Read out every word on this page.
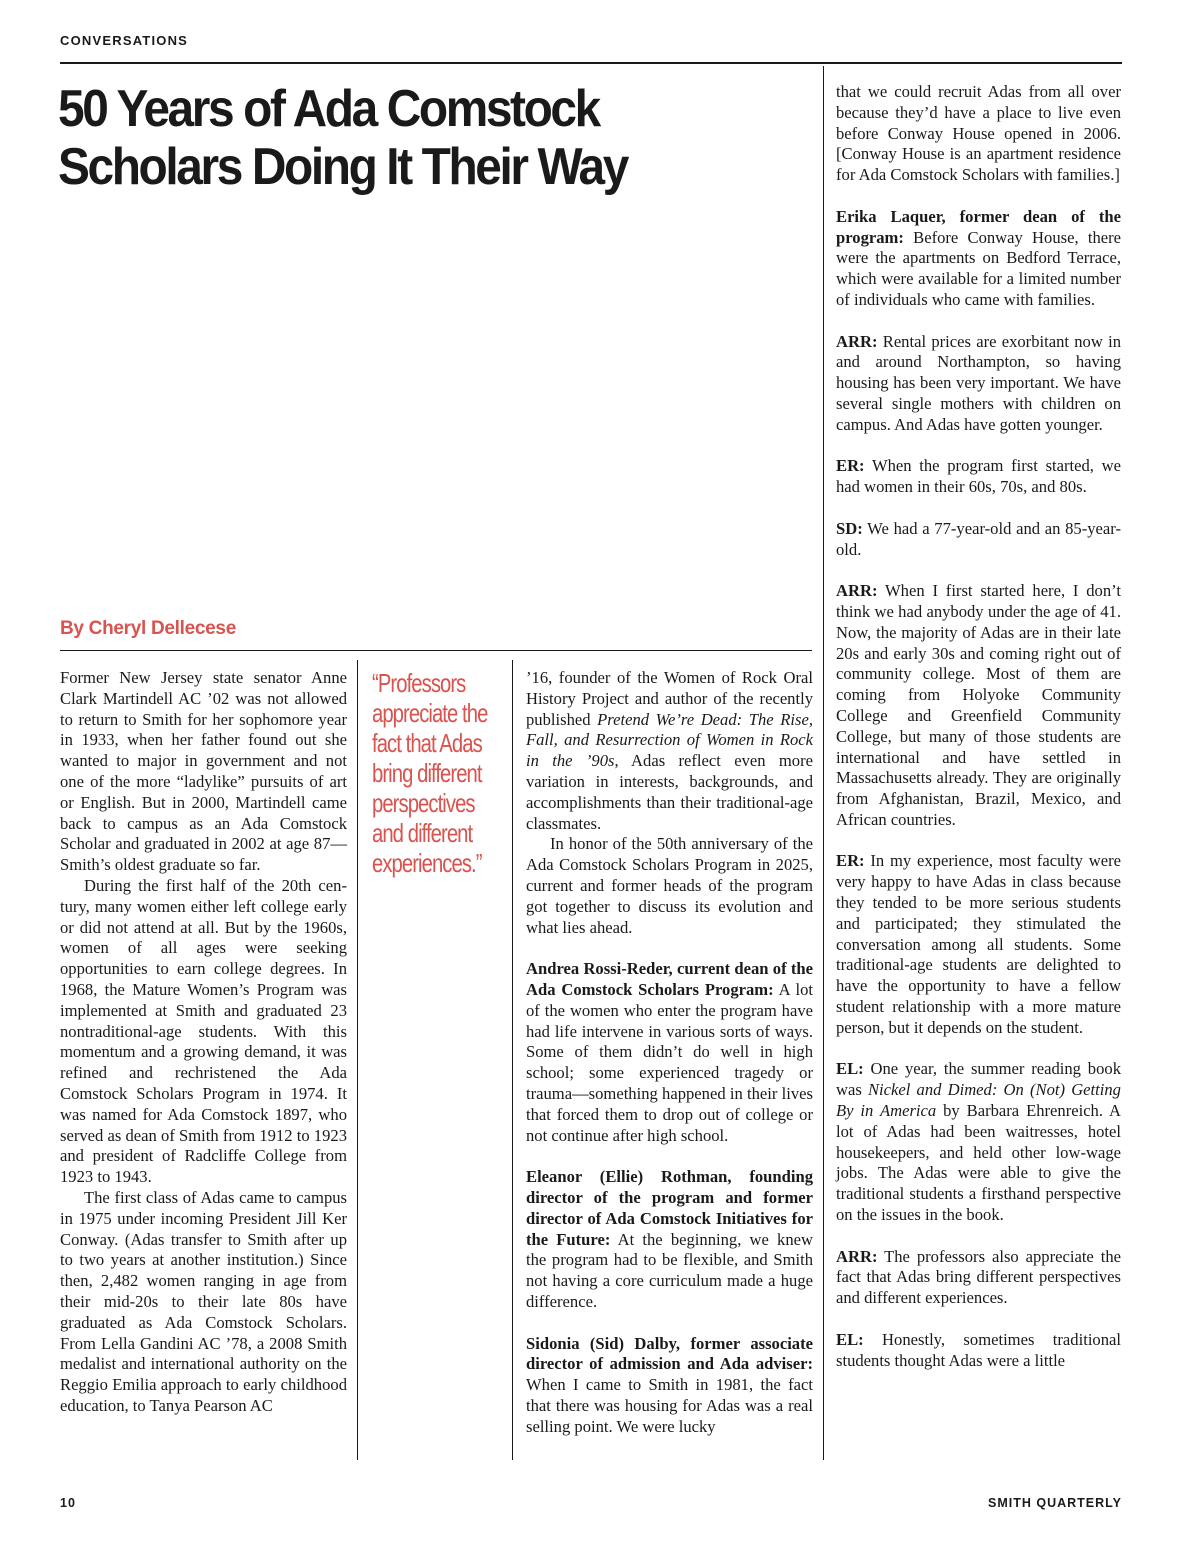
CONVERSATIONS
50 Years of Ada Comstock
Scholars Doing It Their Way
By Cheryl Dellecese

Former New Jersey state senator Anne Clark Martindell AC ’02 was not allowed to return to Smith for her sophomore year in 1933, when her father found out she wanted to major in government and not one of the more “ladylike” pursuits of art or English. But in 2000, Martindell came back to campus as an Ada Comstock Scholar and graduated in 2002 at age 87—Smith’s oldest graduate so far.

During the first half of the 20th century, many women either left college early or did not attend at all. But by the 1960s, women of all ages were seeking opportunities to earn college degrees. In 1968, the Mature Women’s Program was implemented at Smith and graduated 23 nontraditional-age students. With this momentum and a growing demand, it was refined and rechristened the Ada Comstock Scholars Program in 1974. It was named for Ada Comstock 1897, who served as dean of Smith from 1912 to 1923 and president of Radcliffe College from 1923 to 1943.

The first class of Adas came to campus in 1975 under incoming President Jill Ker Conway. (Adas transfer to Smith after up to two years at another institution.) Since then, 2,482 women ranging in age from their mid-20s to their late 80s have graduated as Ada Comstock Scholars. From Lella Gandini AC ’78, a 2008 Smith medalist and international authority on the Reggio Emilia approach to early childhood education, to Tanya Pearson AC

“Professors
appreciate the
fact that Adas
bring different
perspectives
and different
experiences.”

’16, founder of the Women of Rock Oral History Project and author of the recently published Pretend We’re Dead: The Rise, Fall, and Resurrection of Women in Rock in the ’90s, Adas reflect even more variation in interests, backgrounds, and accomplishments than their traditional-age classmates.

In honor of the 50th anniversary of the Ada Comstock Scholars Program in 2025, current and former heads of the program got together to discuss its evolution and what lies ahead.

Andrea Rossi-Reder, current dean of the Ada Comstock Scholars Program: A lot of the women who enter the program have had life intervene in various sorts of ways. Some of them didn’t do well in high school; some experienced tragedy or trauma—something happened in their lives that forced them to drop out of college or not continue after high school.

Eleanor (Ellie) Rothman, founding director of the program and former director of Ada Comstock Initiatives for the Future: At the beginning, we knew the program had to be flexible, and Smith not having a core curriculum made a huge difference.

Sidonia (Sid) Dalby, former associate director of admission and Ada adviser: When I came to Smith in 1981, the fact that there was housing for Adas was a real selling point. We were lucky

that we could recruit Adas from all over because they’d have a place to live even before Conway House opened in 2006. [Conway House is an apartment residence for Ada Comstock Scholars with families.]

Erika Laquer, former dean of the program: Before Conway House, there were the apartments on Bedford Terrace, which were available for a limited number of individuals who came with families.

ARR: Rental prices are exorbitant now in and around Northampton, so having housing has been very important. We have several single mothers with children on campus. And Adas have gotten younger.

ER: When the program first started, we had women in their 60s, 70s, and 80s.

SD: We had a 77-year-old and an 85-year-old.

ARR: When I first started here, I don’t think we had anybody under the age of 41. Now, the majority of Adas are in their late 20s and early 30s and coming right out of community college. Most of them are coming from Holyoke Community College and Greenfield Community College, but many of those students are international and have settled in Massachusetts already. They are originally from Afghanistan, Brazil, Mexico, and African countries.

ER: In my experience, most faculty were very happy to have Adas in class because they tended to be more serious students and participated; they stimulated the conversation among all students. Some traditional-age students are delighted to have the opportunity to have a fellow student relationship with a more mature person, but it depends on the student.

EL: One year, the summer reading book was Nickel and Dimed: On (Not) Getting By in America by Barbara Ehrenreich. A lot of Adas had been waitresses, hotel housekeepers, and held other low-wage jobs. The Adas were able to give the traditional students a firsthand perspective on the issues in the book.

ARR: The professors also appreciate the fact that Adas bring different perspectives and different experiences.

EL: Honestly, sometimes traditional students thought Adas were a little

10	SMITH QUARTERLY
